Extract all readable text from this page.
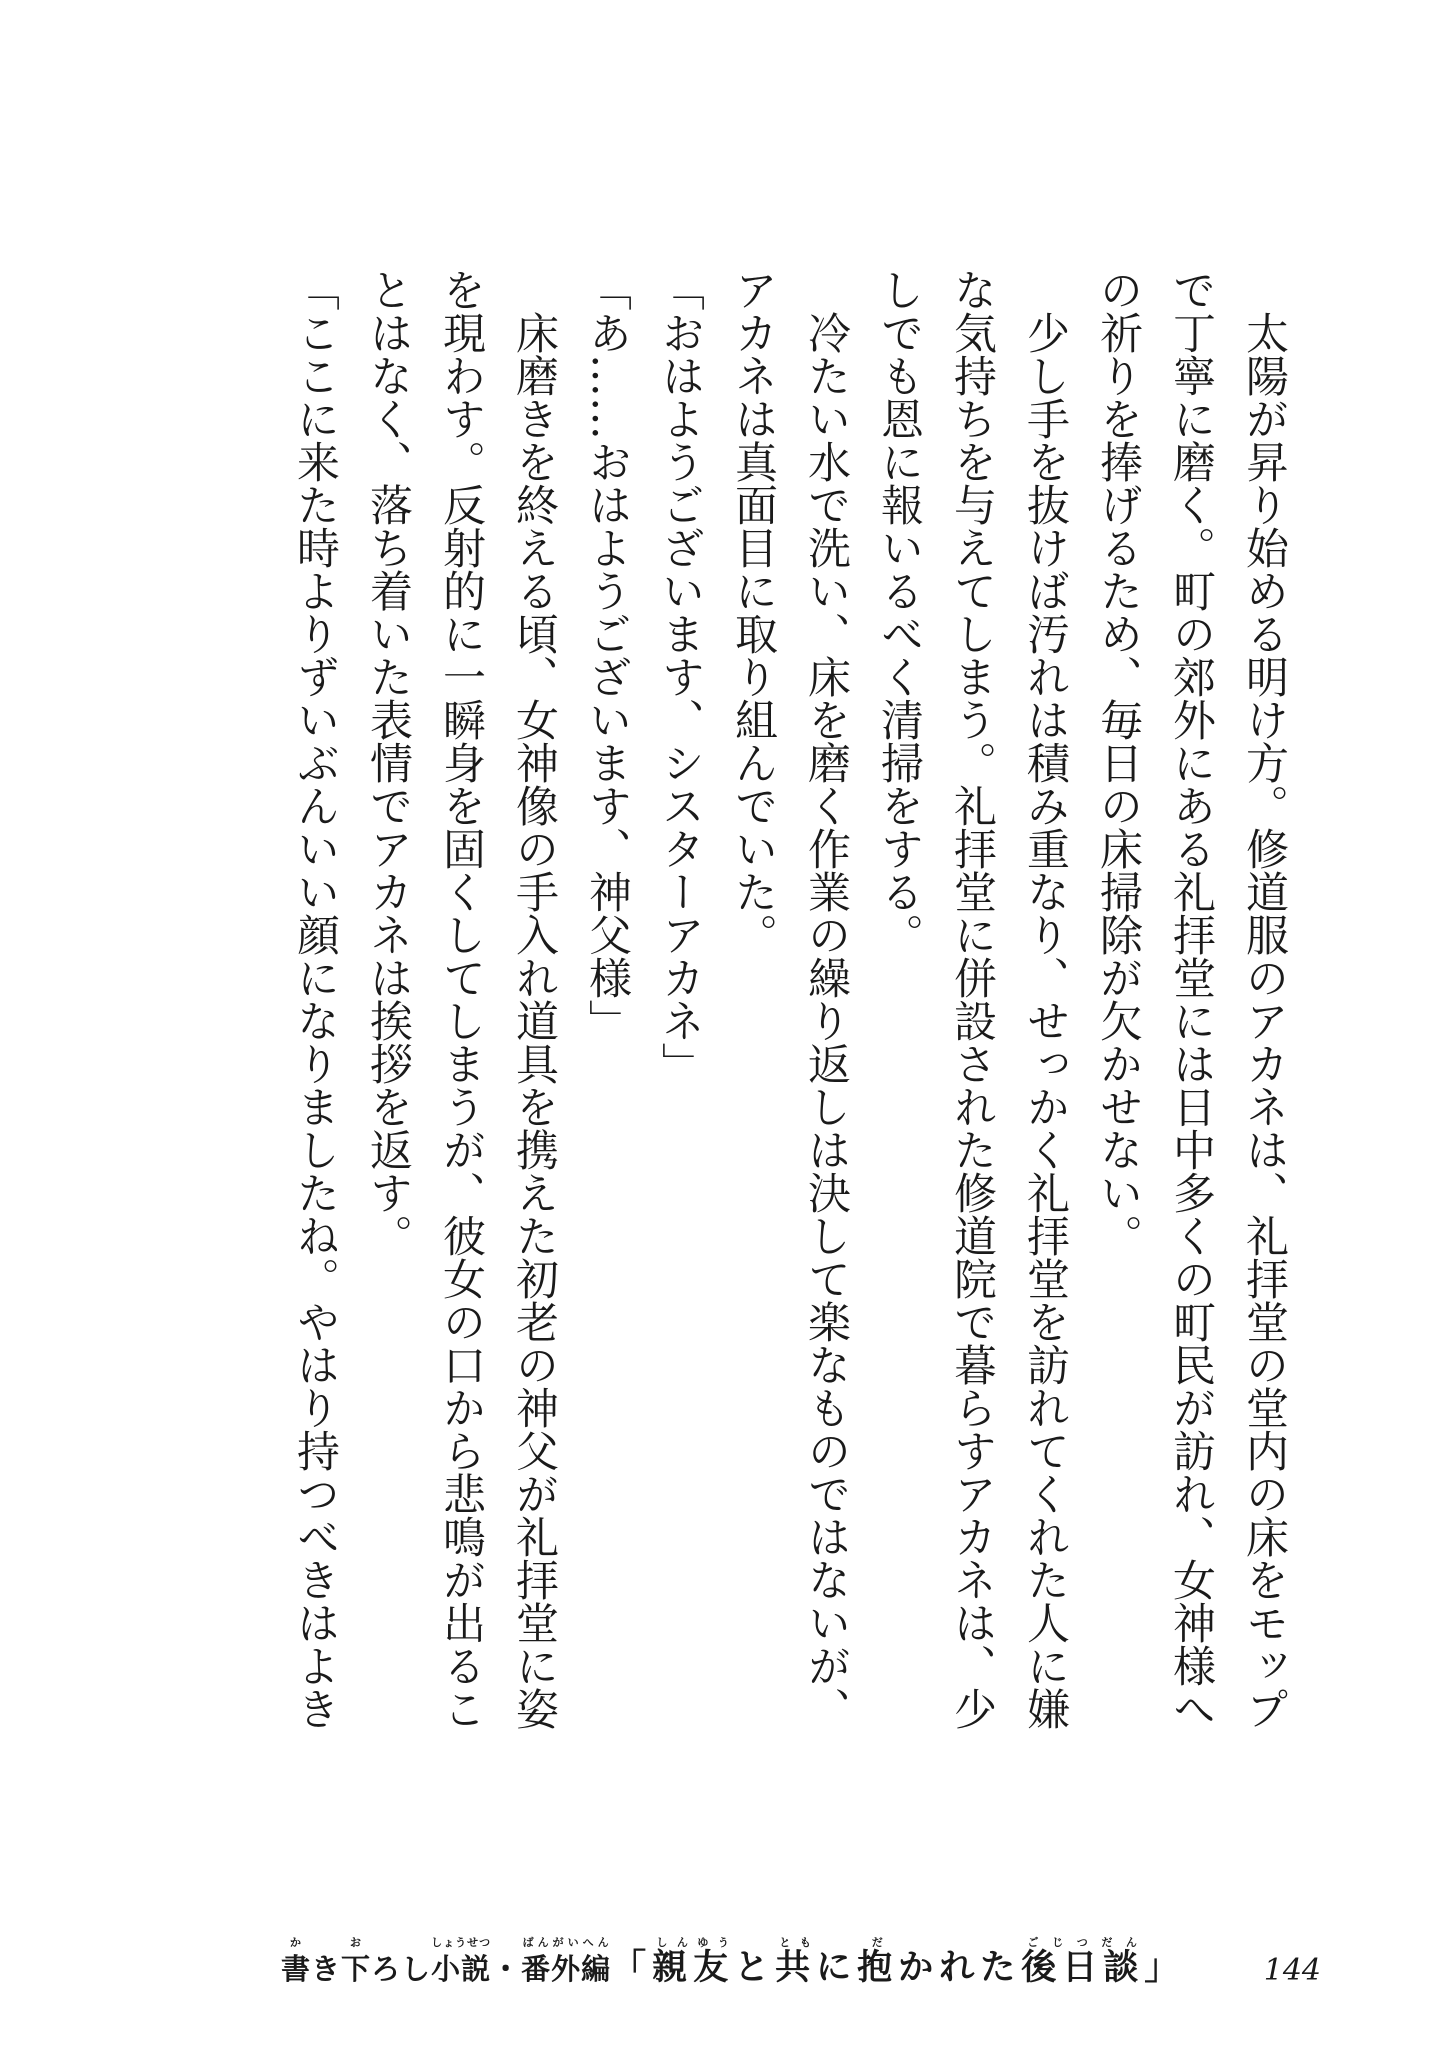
太陽が昇り始める明け方。修道服のアカネは、礼拝堂の堂内の床をモップ
で丁寧に磨く。町の郊外にある礼拝堂には日中多くの町民が訪れ、女神様へ
の祈りを捧げるため、毎日の床掃除が欠かせない。
少し手を抜けば汚れは積み重なり、せっかく礼拝堂を訪れてくれた人に嫌
な気持ちを与えてしまう。礼拝堂に併設された修道院で暮らすアカネは、少
しでも恩に報いるべく清掃をする。
冷たい水で洗い、床を磨く作業の繰り返しは決して楽なものではないが、
アカネは真面目に取り組んでいた。
「おはようございます、シスターアカネ」
「あ……おはようございます、神父様」
床磨きを終える頃、女神像の手入れ道具を携えた初老の神父が礼拝堂に姿
を現わす。反射的に一瞬身を固くしてしまうが、彼女の口から悲鳴が出るこ
とはなく、落ち着いた表情でアカネは挨拶を返す。
「ここに来た時よりずいぶんいい顔になりましたね。やはり持つべきはよき
書かき下おろし小説しょうせつ・番外編ばんがいへん「親友しんゆうと共ともに抱だかれた後日談ごじつだん」	144
